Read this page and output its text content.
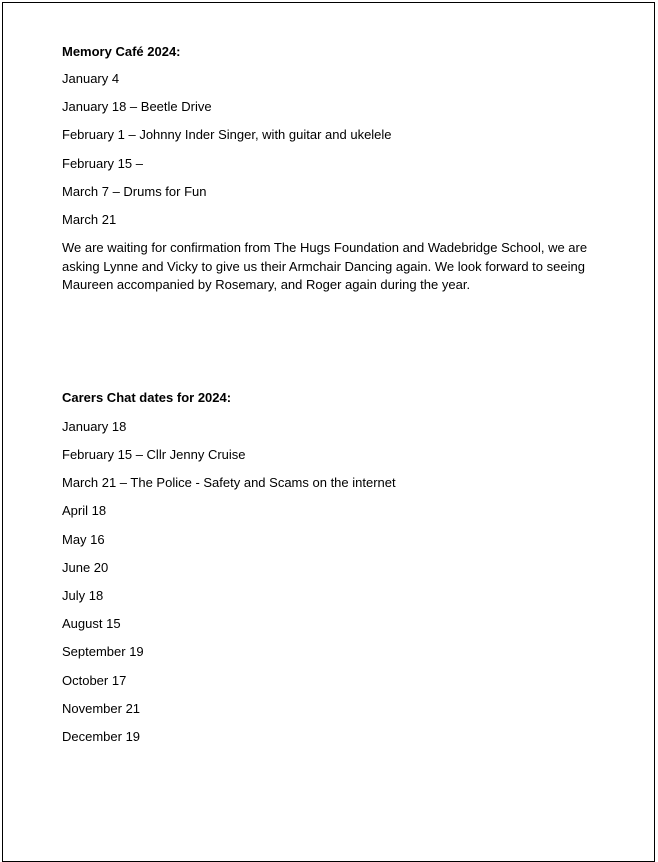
Memory Café 2024:
January 4
January 18 – Beetle Drive
February 1 – Johnny Inder Singer, with guitar and ukelele
February 15 –
March 7 – Drums for Fun
March 21
We are waiting for confirmation from The Hugs Foundation and Wadebridge School, we are
asking Lynne and Vicky to give us their Armchair Dancing again. We look forward to seeing
Maureen accompanied by Rosemary, and Roger again during the year.
Carers Chat dates for 2024:
January 18
February 15 – Cllr Jenny Cruise
March 21 – The Police - Safety and Scams on the internet
April 18
May 16
June 20
July 18
August 15
September 19
October 17
November 21
December 19
